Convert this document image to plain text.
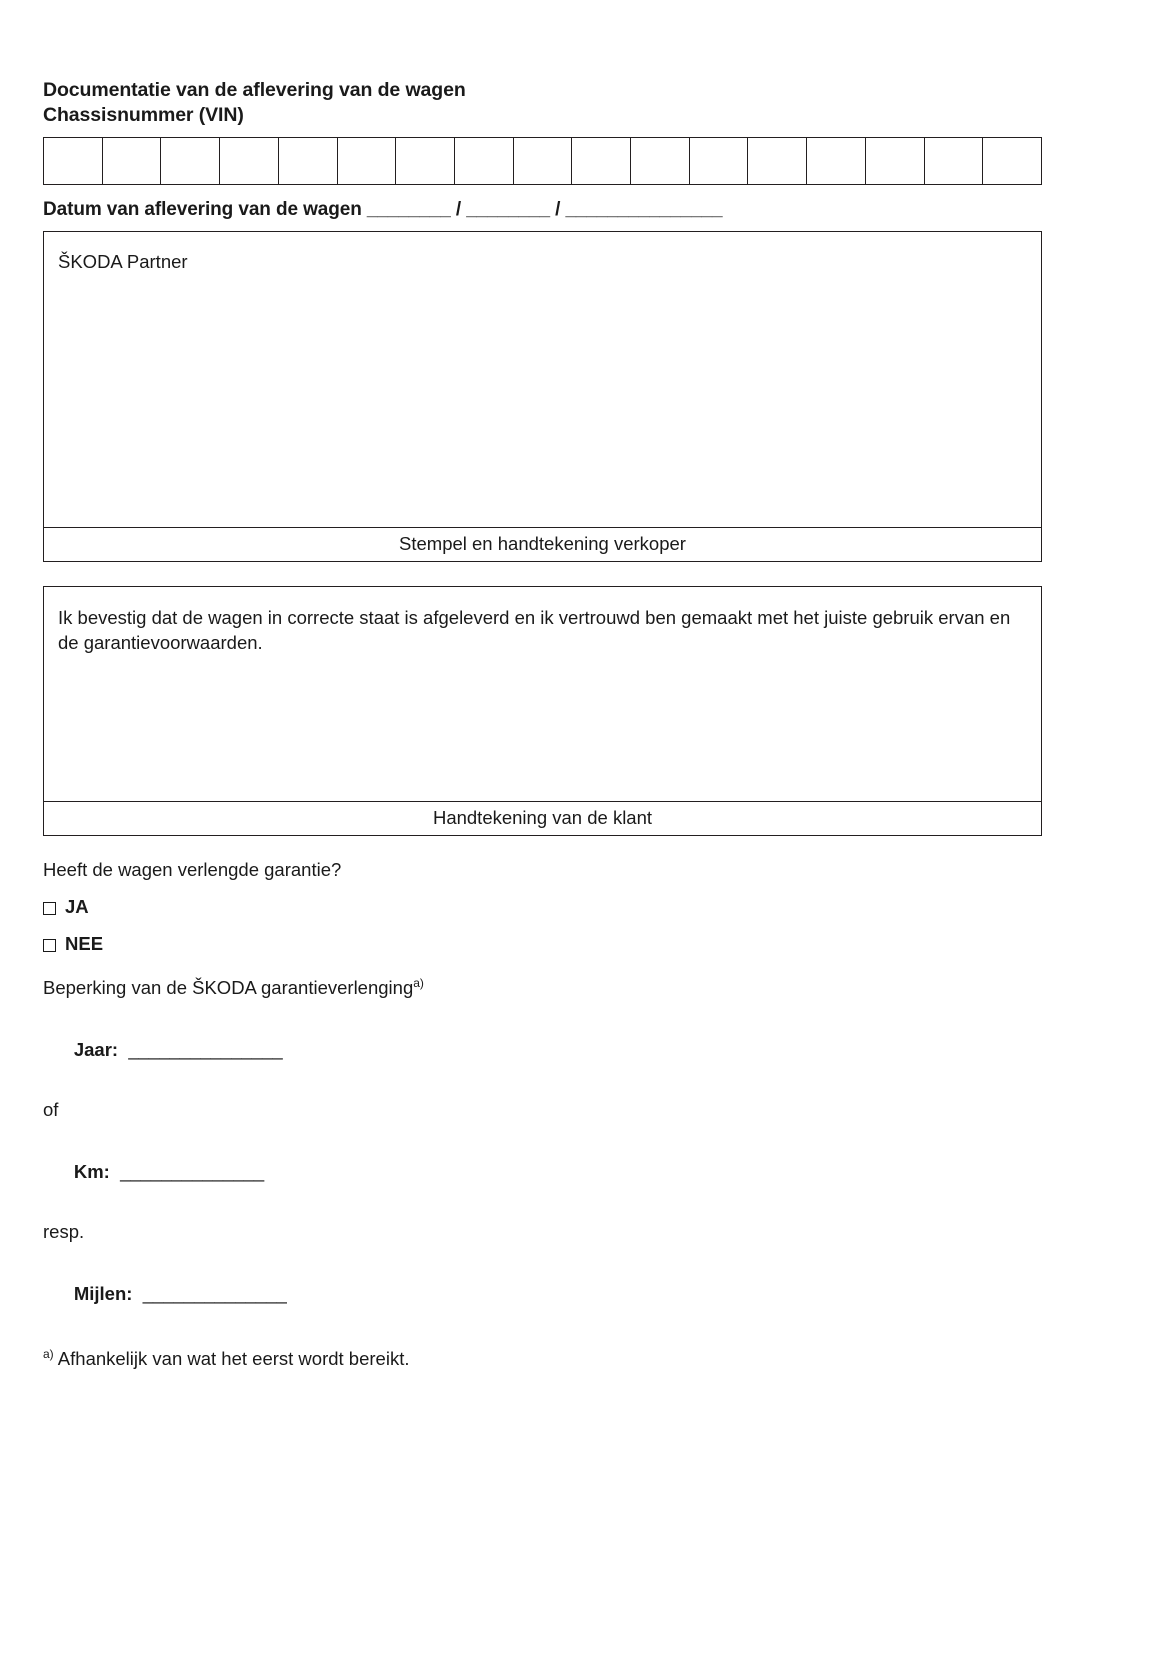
Documentatie van de aflevering van de wagen
Chassisnummer (VIN)
Datum van aflevering van de wagen ________ / ________ / _______________
ŠKODA Partner
Stempel en handtekening verkoper

Ik bevestig dat de wagen in correcte staat is afgeleverd en ik vertrouwd ben gemaakt met het juiste gebruik ervan en de garantievoorwaarden.

Handtekening van de klant
Heeft de wagen verlengde garantie?
JA
NEE
Beperking van de ŠKODA garantieverlenging$^{a)}$

Jaar: _______________

of

Km: ______________

resp.

Mijlen: ______________

$^{a)}$ Afhankelijk van wat het eerst wordt bereikt.
